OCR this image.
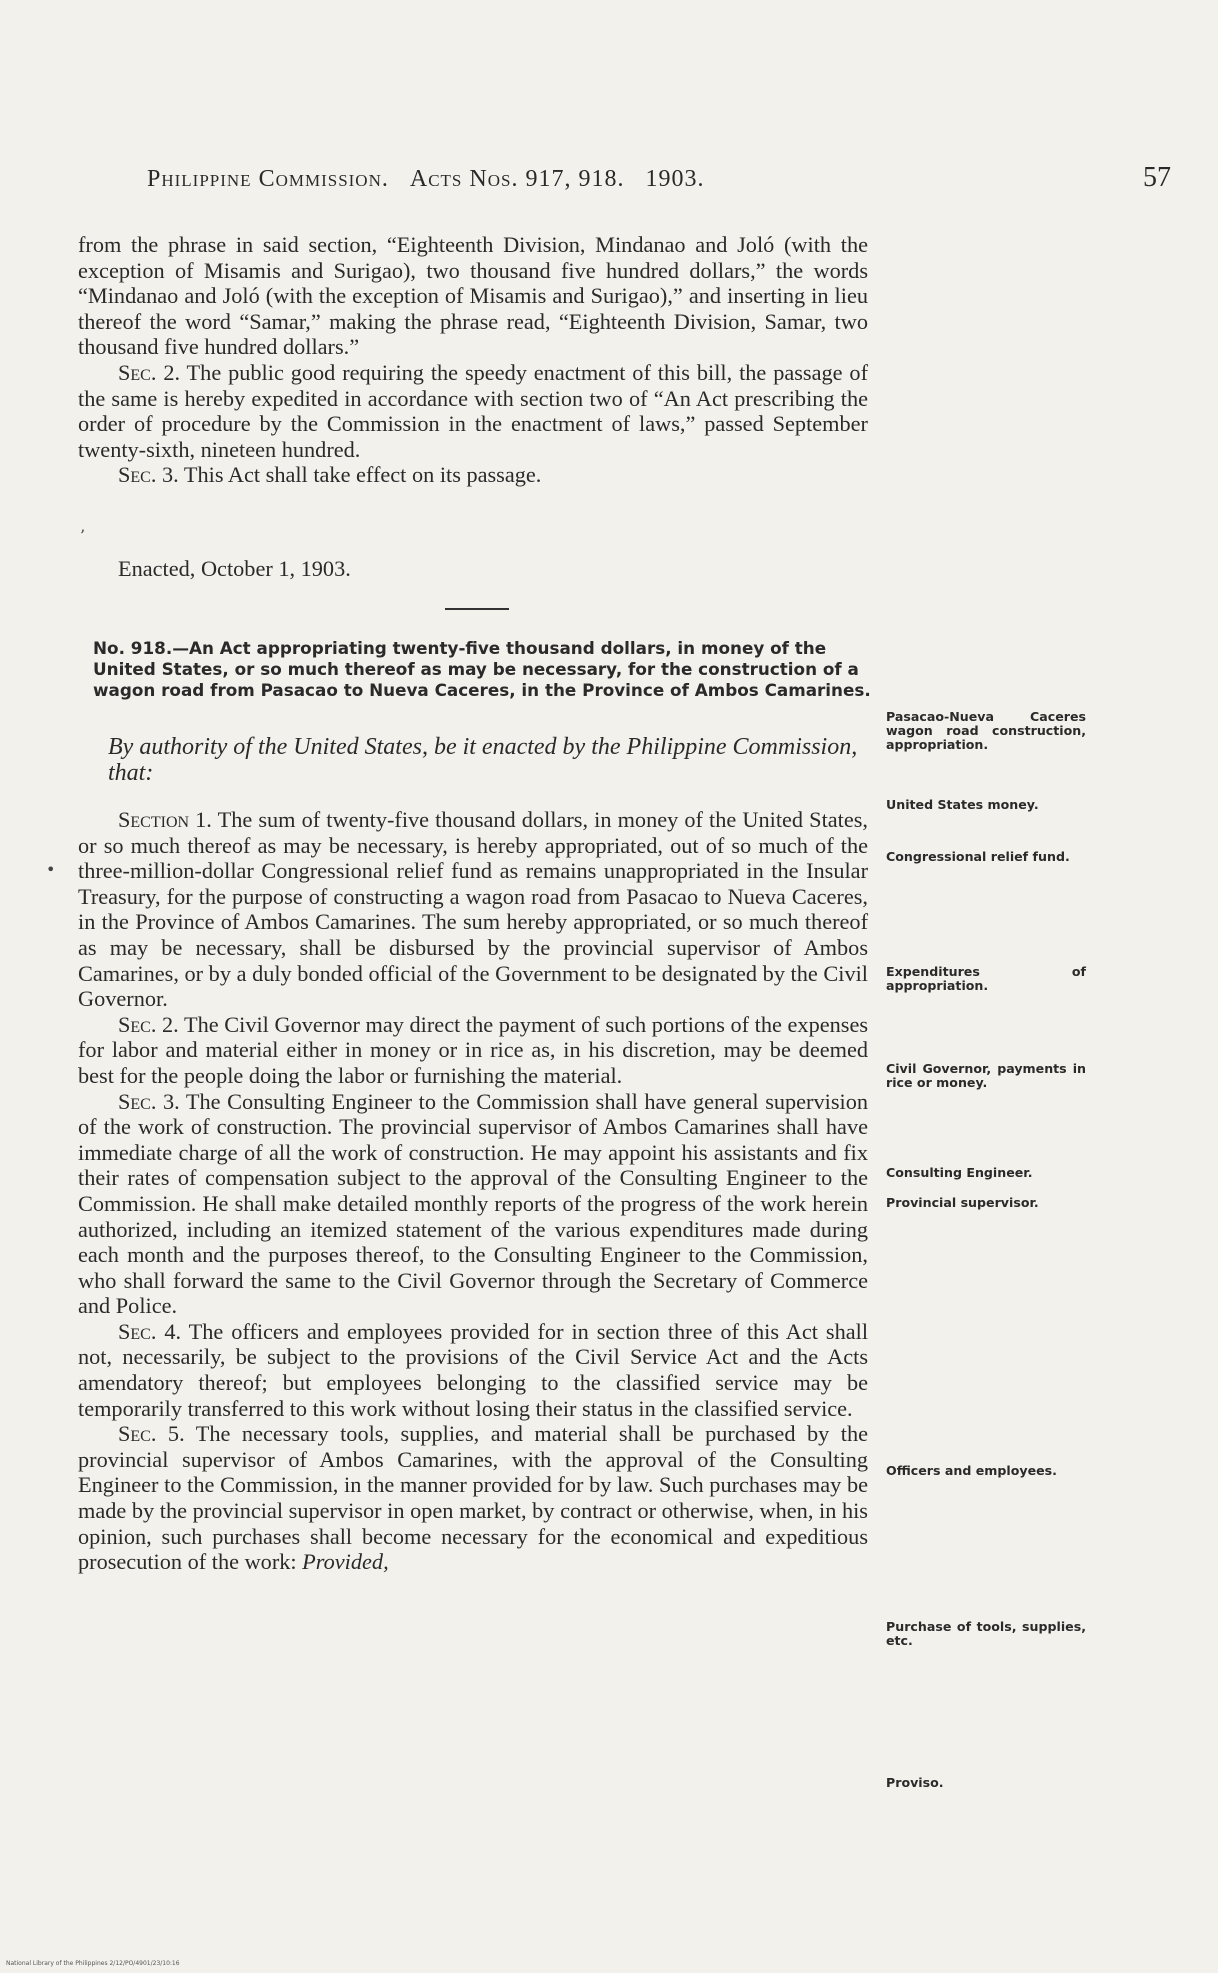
Philippine Commission. Acts Nos. 917, 918. 1903.	57

from the phrase in said section, “Eighteenth Division, Mindanao and Joló (with the exception of Misamis and Surigao), two thousand five hundred dollars,” the words “Mindanao and Joló (with the exception of Misamis and Surigao),” and inserting in lieu thereof the word “Samar,” making the phrase read, “Eighteenth Division, Samar, two thousand five hundred dollars.”

Sec. 2. The public good requiring the speedy enactment of this bill, the passage of the same is hereby expedited in accordance with section two of “An Act prescribing the order of procedure by the Commission in the enactment of laws,” passed September twenty-sixth, nineteen hundred.

Sec. 3. This Act shall take effect on its passage.

Enacted, October 1, 1903.
’
No. 918.—An Act appropriating twenty-five thousand dollars, in money of the United States, or so much thereof as may be necessary, for the construction of a wagon road from Pasacao to Nueva Caceres, in the Province of Ambos Camarines.
By authority of the United States, be it enacted by the Philippine Commission, that:

Section 1. The sum of twenty-five thousand dollars, in money of the United States, or so much thereof as may be necessary, is hereby appropriated, out of so much of the three-million-dollar Congressional relief fund as remains unappropriated in the Insular Treasury, for the purpose of constructing a wagon road from Pasacao to Nueva Caceres, in the Province of Ambos Camarines. The sum hereby appropriated, or so much thereof as may be necessary, shall be disbursed by the provincial supervisor of Ambos Camarines, or by a duly bonded official of the Government to be designated by the Civil Governor.

Sec. 2. The Civil Governor may direct the payment of such portions of the expenses for labor and material either in money or in rice as, in his discretion, may be deemed best for the people doing the labor or furnishing the material.

Sec. 3. The Consulting Engineer to the Commission shall have general supervision of the work of construction. The provincial supervisor of Ambos Camarines shall have immediate charge of all the work of construction. He may appoint his assistants and fix their rates of compensation subject to the approval of the Consulting Engineer to the Commission. He shall make detailed monthly reports of the progress of the work herein authorized, including an itemized statement of the various expenditures made during each month and the purposes thereof, to the Consulting Engineer to the Commission, who shall forward the same to the Civil Governor through the Secretary of Commerce and Police.

Sec. 4. The officers and employees provided for in section three of this Act shall not, necessarily, be subject to the provisions of the Civil Service Act and the Acts amendatory thereof; but employees belonging to the classified service may be temporarily transferred to this work without losing their status in the classified service.

Sec. 5. The necessary tools, supplies, and material shall be purchased by the provincial supervisor of Ambos Camarines, with the approval of the Consulting Engineer to the Commission, in the manner provided for by law. Such purchases may be made by the provincial supervisor in open market, by contract or otherwise, when, in his opinion, such purchases shall become necessary for the economical and expeditious prosecution of the work: Provided,

•
Pasacao-Nueva Caceres wagon road construction, appropriation.
United States money.
Congressional relief fund.
Expenditures of appropriation.
Civil Governor, payments in rice or money.
Consulting Engineer.
Provincial supervisor.
Officers and employees.
Purchase of tools, supplies, etc.
Proviso.
National Library of the Philippines 2/12/PO/4901/23/10:16
